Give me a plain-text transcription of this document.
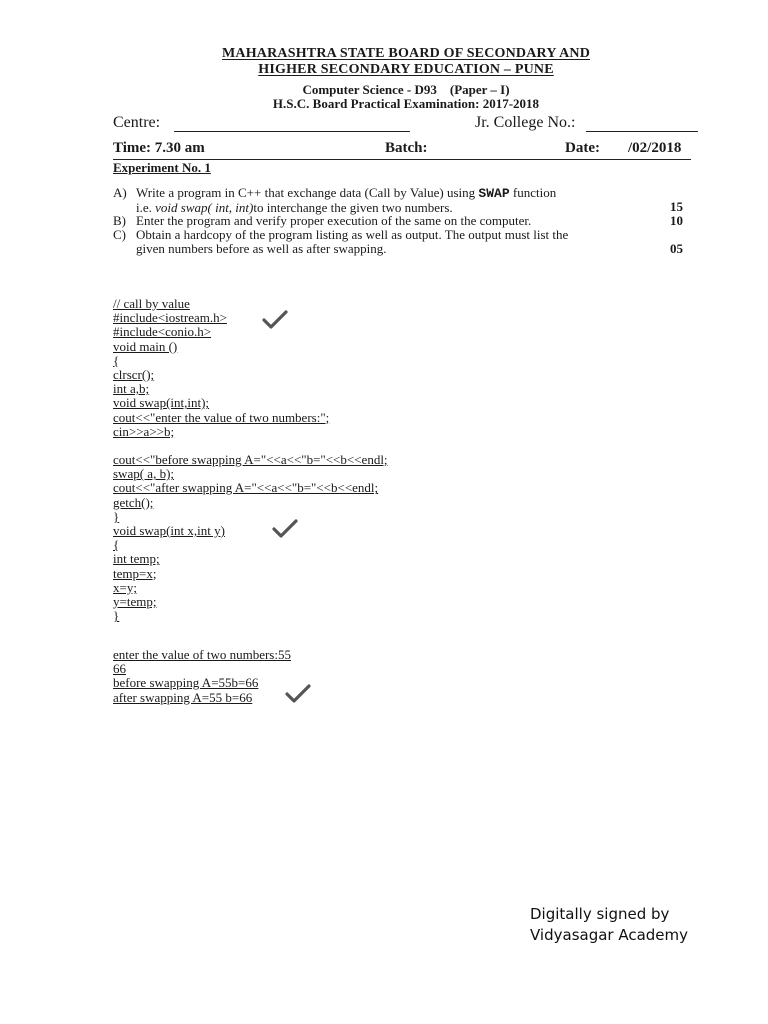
MAHARASHTRA STATE BOARD OF SECONDARY AND
HIGHER SECONDARY EDUCATION – PUNE
Computer Science - D93    (Paper – I)
H.S.C. Board Practical Examination: 2017-2018
Centre:	Jr. College No.:
Time: 7.30 am	Batch:	Date: /02/2018
Experiment No. 1
A) Write a program in C++ that exchange data (Call by Value) using SWAP function
i.e. void swap( int, int)to interchange the given two numbers.	15
B) Enter the program and verify proper execution of the same on the computer.	10
C) Obtain a hardcopy of the program listing as well as output. The output must list the
given numbers before as well as after swapping.	05
// call by value
#include<iostream.h>
#include<conio.h>
void main ()
{
clrscr();
int a,b;
void swap(int,int);
cout<<"enter the value of two numbers:";
cin>>a>>b;
cout<<"before swapping A="<<a<<"b="<<b<<endl;
swap( a, b);
cout<<"after swapping A="<<a<<"b="<<b<<endl;
getch();
}
void swap(int x,int y)
{
int temp;
temp=x;
x=y;
y=temp;
}
enter the value of two numbers:55
66
before swapping A=55b=66
after swapping A=55 b=66
Digitally signed by
Vidyasagar Academy
